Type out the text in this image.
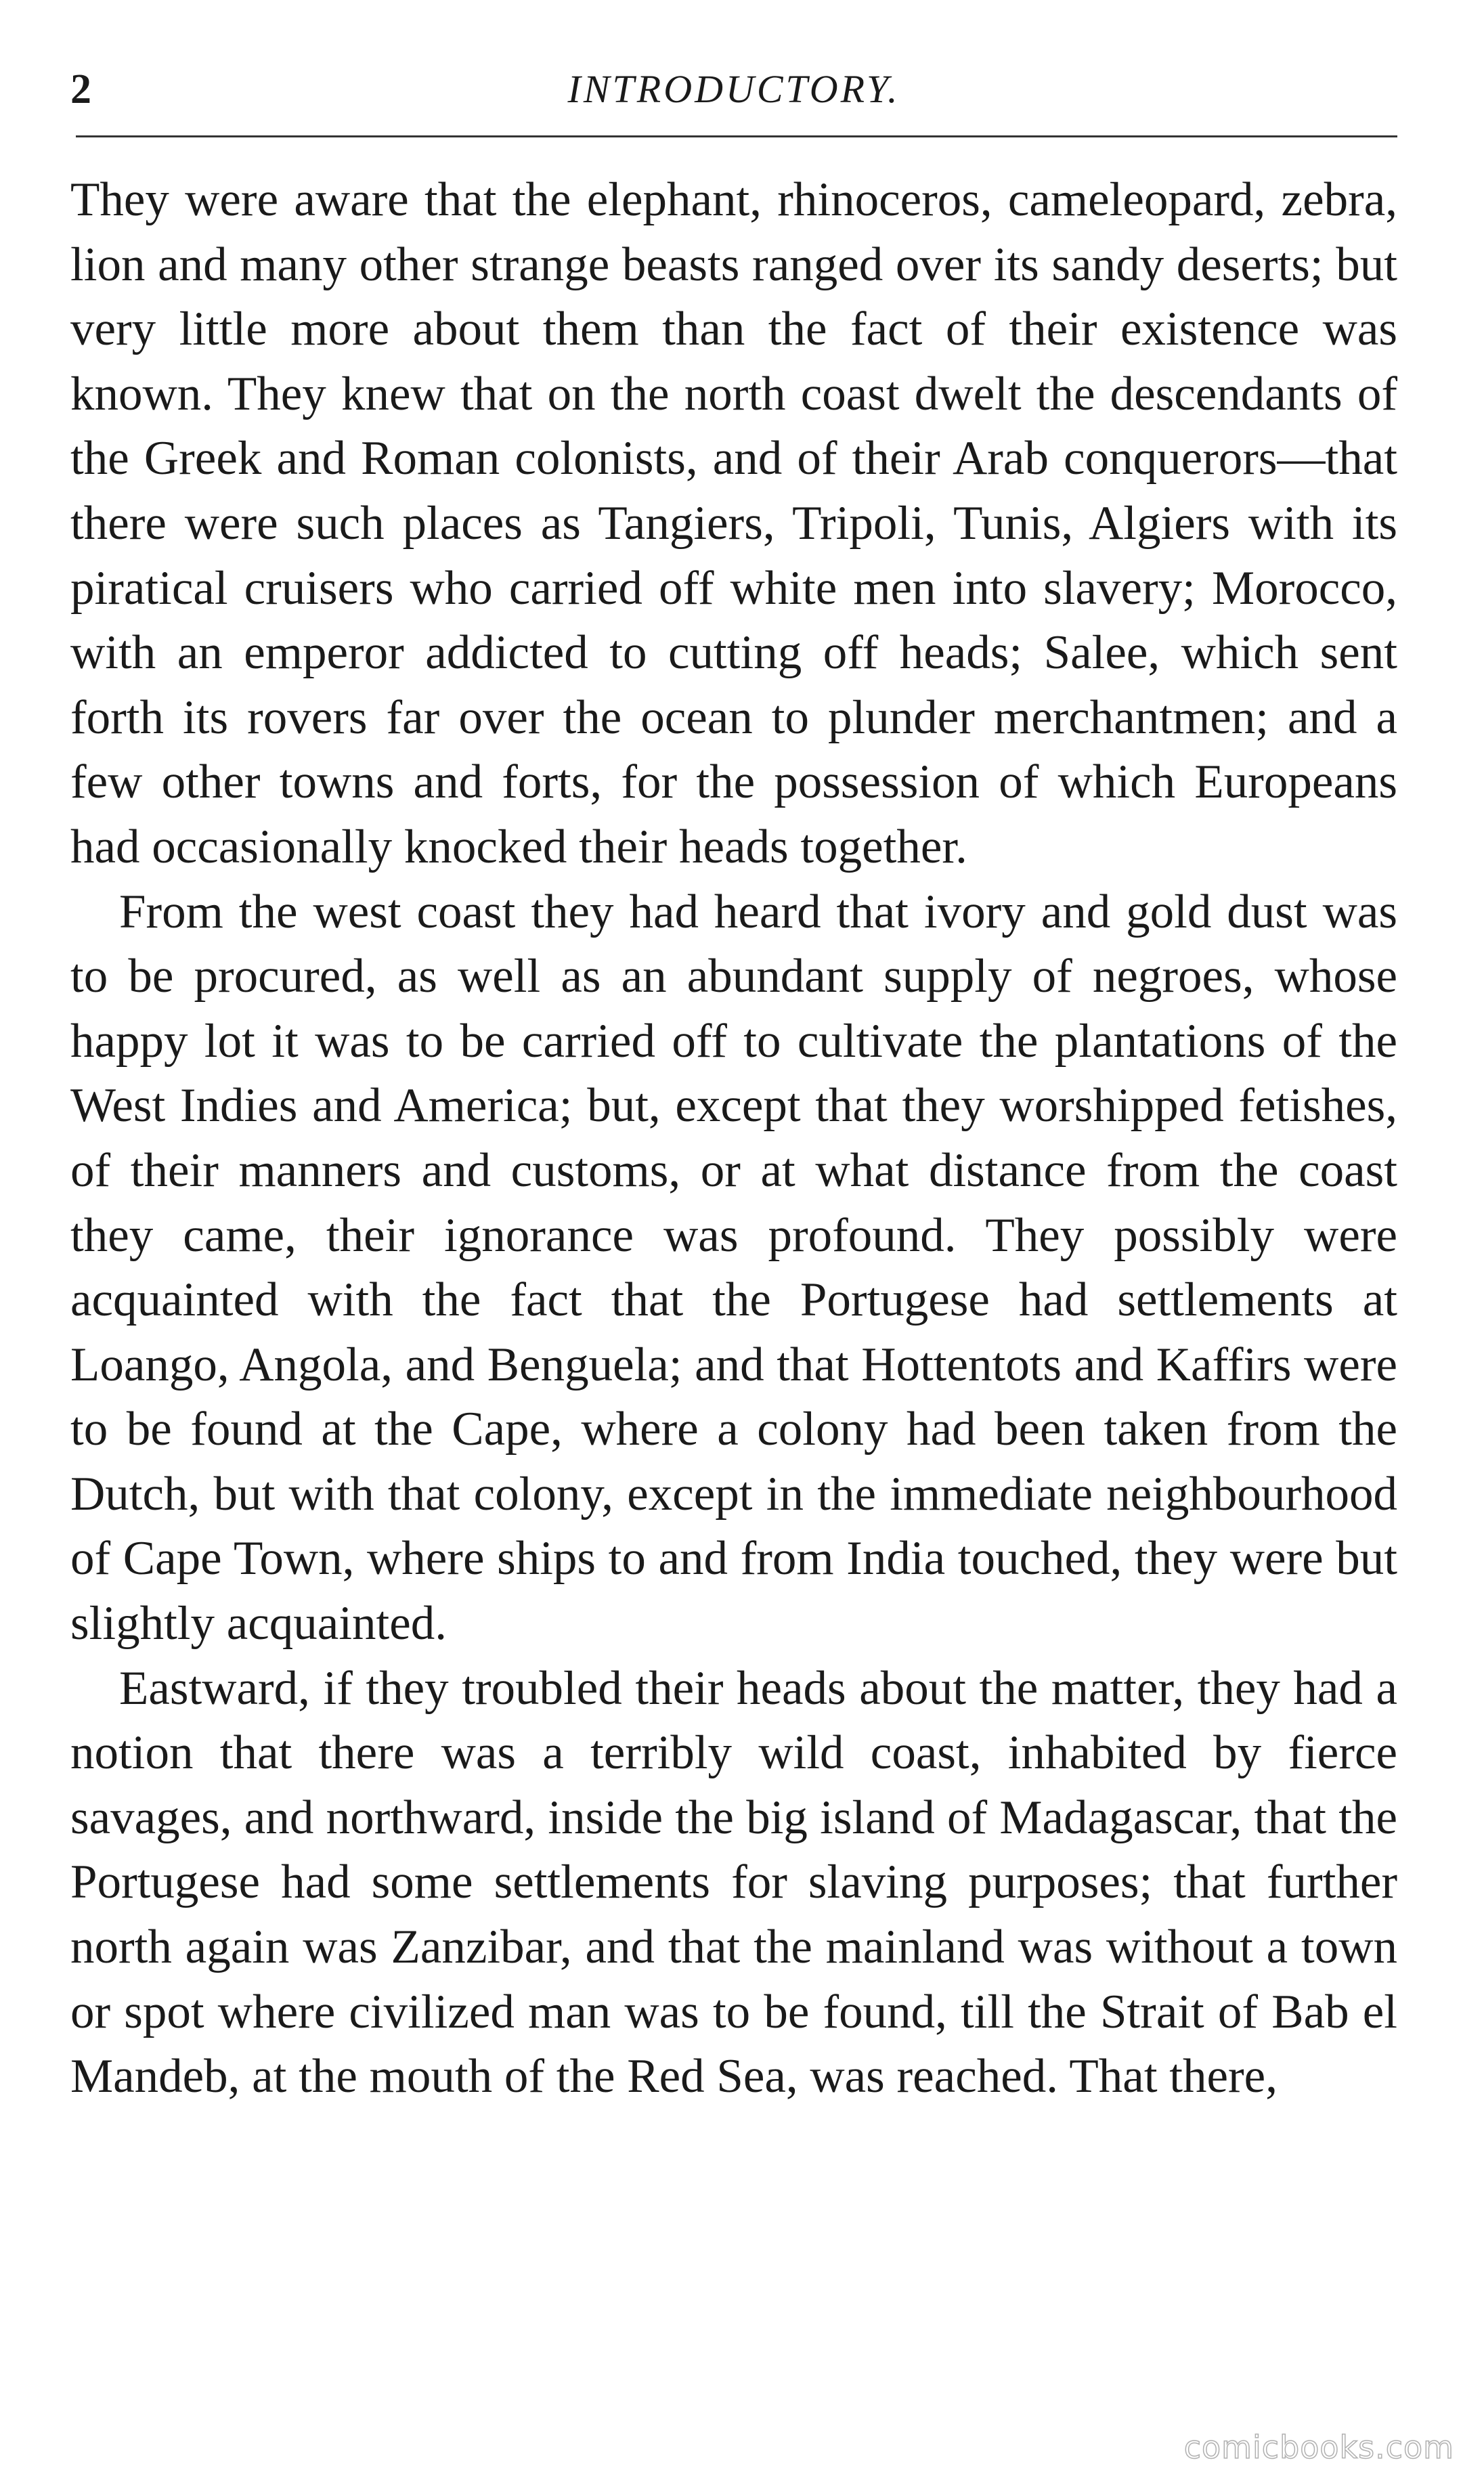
2	INTRODUCTORY.

They were aware that the elephant, rhinoceros, cameleopard, zebra, lion and many other strange beasts ranged over its sandy deserts; but very little more about them than the fact of their existence was known. They knew that on the north coast dwelt the descendants of the Greek and Roman colonists, and of their Arab conquerors—that there were such places as Tangiers, Tripoli, Tunis, Algiers with its piratical cruisers who carried off white men into slavery; Morocco, with an emperor addicted to cutting off heads; Salee, which sent forth its rovers far over the ocean to plunder merchantmen; and a few other towns and forts, for the possession of which Europeans had occasionally knocked their heads together.

From the west coast they had heard that ivory and gold dust was to be procured, as well as an abundant supply of negroes, whose happy lot it was to be carried off to cultivate the plantations of the West Indies and America; but, except that they worshipped fetishes, of their manners and customs, or at what distance from the coast they came, their ignorance was profound. They possibly were acquainted with the fact that the Portugese had settlements at Loango, Angola, and Benguela; and that Hottentots and Kaffirs were to be found at the Cape, where a colony had been taken from the Dutch, but with that colony, except in the immediate neighbourhood of Cape Town, where ships to and from India touched, they were but slightly acquainted.

Eastward, if they troubled their heads about the matter, they had a notion that there was a terribly wild coast, inhabited by fierce savages, and northward, inside the big island of Madagascar, that the Portugese had some settlements for slaving purposes; that further north again was Zanzibar, and that the mainland was without a town or spot where civilized man was to be found, till the Strait of Bab el Mandeb, at the mouth of the Red Sea, was reached. That there,

comicbooks.com
